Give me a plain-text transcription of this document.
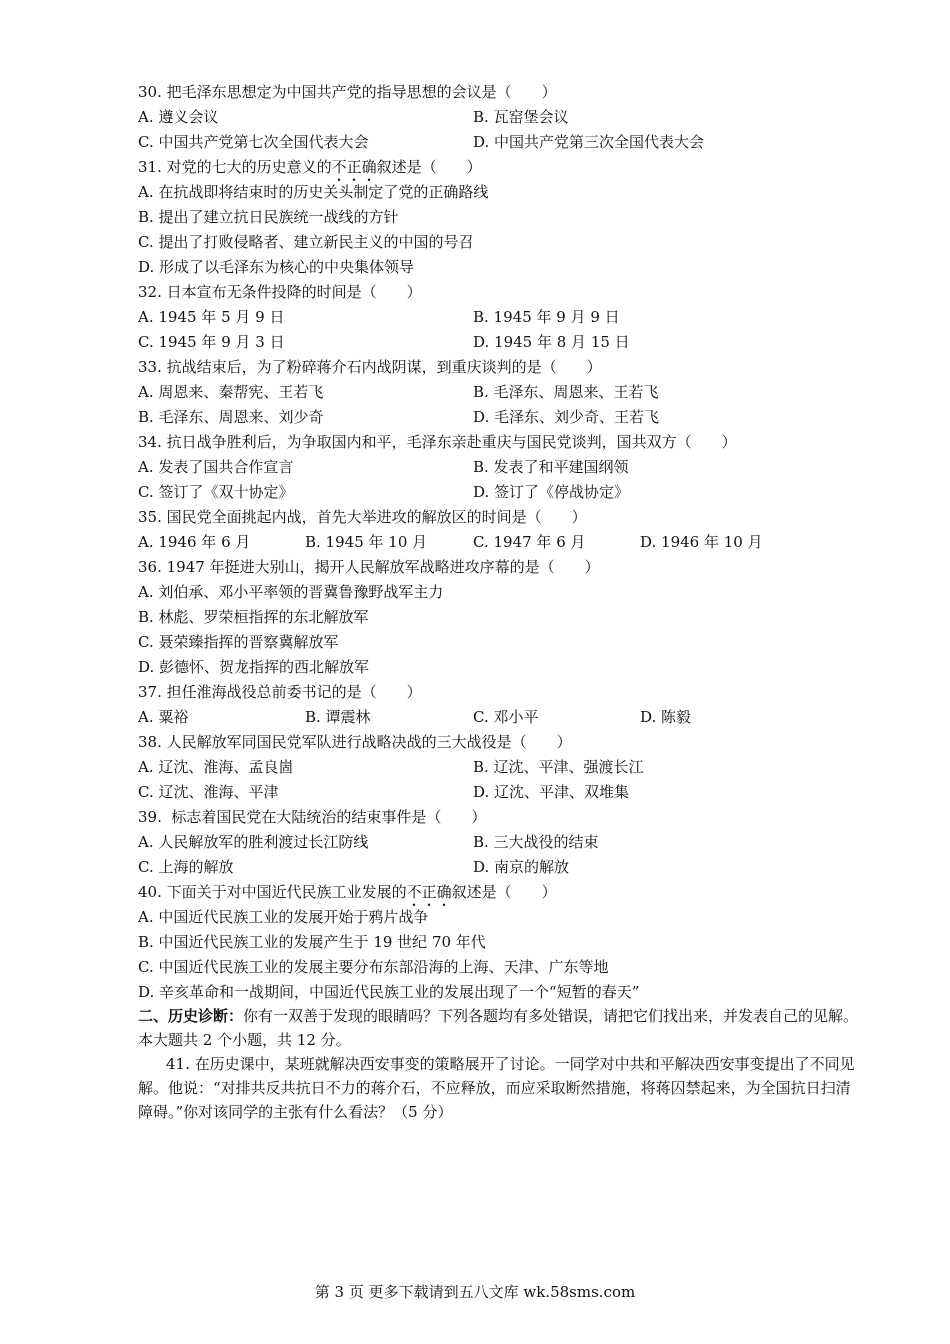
30. 把毛泽东思想定为中国共产党的指导思想的会议是（　　）
A. 遵义会议	B. 瓦窑堡会议
C. 中国共产党第七次全国代表大会	D. 中国共产党第三次全国代表大会
31. 对党的七大的历史意义的不正确叙述是（　　）
A. 在抗战即将结束时的历史关头制定了党的正确路线
B. 提出了建立抗日民族统一战线的方针
C. 提出了打败侵略者、建立新民主义的中国的号召
D. 形成了以毛泽东为核心的中央集体领导
32. 日本宣布无条件投降的时间是（　　）
A. 1945 年 5 月 9 日	B. 1945 年 9 月 9 日
C. 1945 年 9 月 3 日	D. 1945 年 8 月 15 日
33. 抗战结束后，为了粉碎蒋介石内战阴谋，到重庆谈判的是（　　）
A. 周恩来、秦帮宪、王若飞	B. 毛泽东、周恩来、王若飞
B. 毛泽东、周恩来、刘少奇	D. 毛泽东、刘少奇、王若飞
34. 抗日战争胜利后，为争取国内和平，毛泽东亲赴重庆与国民党谈判，国共双方（　　）
A. 发表了国共合作宣言	B. 发表了和平建国纲领
C. 签订了《双十协定》	D. 签订了《停战协定》
35. 国民党全面挑起内战，首先大举进攻的解放区的时间是（　　）
A. 1946 年 6 月	B. 1945 年 10 月	C. 1947 年 6 月	D. 1946 年 10 月
36. 1947 年挺进大别山，揭开人民解放军战略进攻序幕的是（　　）
A. 刘伯承、邓小平率领的晋冀鲁豫野战军主力
B. 林彪、罗荣桓指挥的东北解放军
C. 聂荣臻指挥的晋察冀解放军
D. 彭德怀、贺龙指挥的西北解放军
37. 担任淮海战役总前委书记的是（　　）
A. 粟裕	B. 谭震林	C. 邓小平	D. 陈毅
38. 人民解放军同国民党军队进行战略决战的三大战役是（　　）
A. 辽沈、淮海、孟良崮	B. 辽沈、平津、强渡长江
C. 辽沈、淮海、平津	D. 辽沈、平津、双堆集
39.  标志着国民党在大陆统治的结束事件是（　　）
A. 人民解放军的胜利渡过长江防线	B. 三大战役的结束
C. 上海的解放	D. 南京的解放
40. 下面关于对中国近代民族工业发展的不正确叙述是（　　）
A. 中国近代民族工业的发展开始于鸦片战争
B. 中国近代民族工业的发展产生于 19 世纪 70 年代
C. 中国近代民族工业的发展主要分布东部沿海的上海、天津、广东等地
D. 辛亥革命和一战期间，中国近代民族工业的发展出现了一个“短暂的春天”
二、历史诊断：你有一双善于发现的眼睛吗？下列各题均有多处错误，请把它们找出来，并发表自己的见解。本大题共 2 个小题，共 12 分。
41. 在历史课中，某班就解决西安事变的策略展开了讨论。一同学对中共和平解决西安事变提出了不同见解。他说：“对排共反共抗日不力的蒋介石，不应释放，而应采取断然措施，将蒋囚禁起来，为全国抗日扫清障碍。”你对该同学的主张有什么看法？（5 分）
第 3 页 更多下载请到五八文库 wk.58sms.com
